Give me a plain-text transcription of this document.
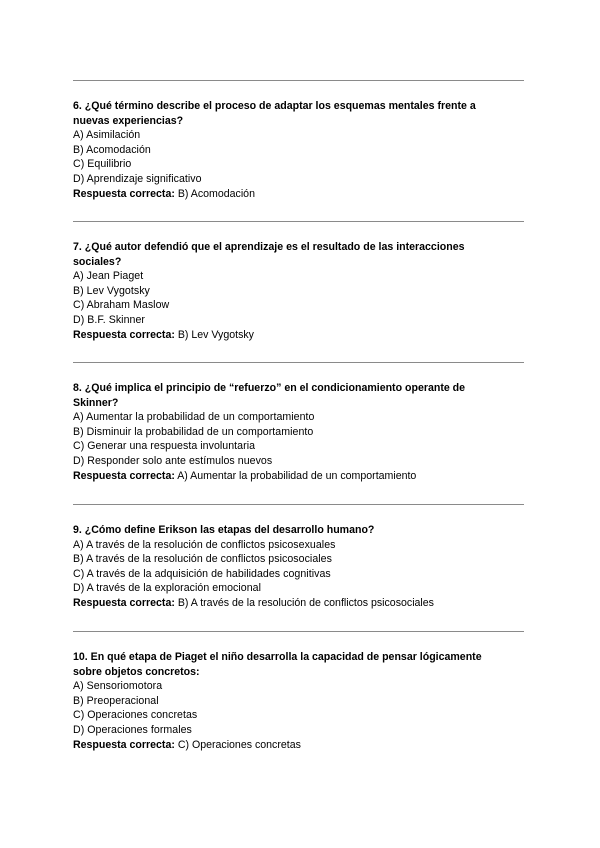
6. ¿Qué término describe el proceso de adaptar los esquemas mentales frente a nuevas experiencias?

A) Asimilación

B) Acomodación

C) Equilibrio

D) Aprendizaje significativo

Respuesta correcta: B) Acomodación

7. ¿Qué autor defendió que el aprendizaje es el resultado de las interacciones sociales?

A) Jean Piaget

B) Lev Vygotsky

C) Abraham Maslow

D) B.F. Skinner

Respuesta correcta: B) Lev Vygotsky

8. ¿Qué implica el principio de “refuerzo” en el condicionamiento operante de Skinner?

A) Aumentar la probabilidad de un comportamiento

B) Disminuir la probabilidad de un comportamiento

C) Generar una respuesta involuntaria

D) Responder solo ante estímulos nuevos

Respuesta correcta: A) Aumentar la probabilidad de un comportamiento

9. ¿Cómo define Erikson las etapas del desarrollo humano?

A) A través de la resolución de conflictos psicosexuales

B) A través de la resolución de conflictos psicosociales

C) A través de la adquisición de habilidades cognitivas

D) A través de la exploración emocional

Respuesta correcta: B) A través de la resolución de conflictos psicosociales

10. En qué etapa de Piaget el niño desarrolla la capacidad de pensar lógicamente sobre objetos concretos:

A) Sensoriomotora

B) Preoperacional

C) Operaciones concretas

D) Operaciones formales

Respuesta correcta: C) Operaciones concretas
